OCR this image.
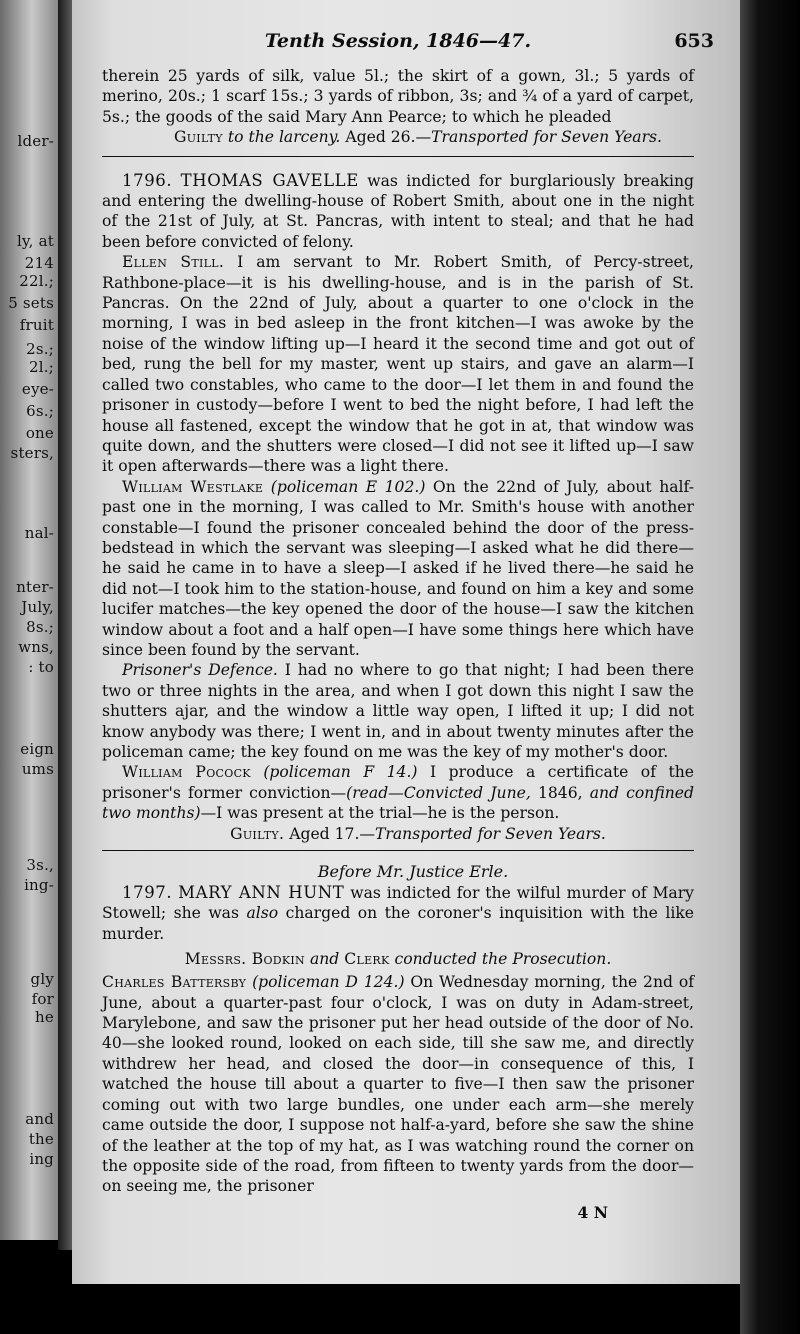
lder-
ly, at
214
22l.;
5 sets
fruit
2s.;
2l.;
eye-
6s.;
one
sters,
nal-
nter-
July,
8s.;
wns,
: to
eign
ums
3s.,
ing-
gly
for
he
and
the
ing
Tenth Session, 1846—47.	653

therein 25 yards of silk, value 5l.; the skirt of a gown, 3l.; 5 yards of merino, 20s.; 1 scarf 15s.; 3 yards of ribbon, 3s; and ¾ of a yard of carpet, 5s.; the goods of the said Mary Ann Pearce; to which he pleaded

Guilty to the larceny. Aged 26.—Transported for Seven Years.

1796. THOMAS GAVELLE was indicted for burglariously breaking and entering the dwelling-house of Robert Smith, about one in the night of the 21st of July, at St. Pancras, with intent to steal; and that he had been before convicted of felony.

Ellen Still. I am servant to Mr. Robert Smith, of Percy-street, Rathbone-place—it is his dwelling-house, and is in the parish of St. Pancras. On the 22nd of July, about a quarter to one o'clock in the morning, I was in bed asleep in the front kitchen—I was awoke by the noise of the window lifting up—I heard it the second time and got out of bed, rung the bell for my master, went up stairs, and gave an alarm—I called two constables, who came to the door—I let them in and found the prisoner in custody—before I went to bed the night before, I had left the house all fastened, except the window that he got in at, that window was quite down, and the shutters were closed—I did not see it lifted up—I saw it open afterwards—there was a light there.

William Westlake (policeman E 102.) On the 22nd of July, about half-past one in the morning, I was called to Mr. Smith's house with another constable—I found the prisoner concealed behind the door of the press-bedstead in which the servant was sleeping—I asked what he did there—he said he came in to have a sleep—I asked if he lived there—he said he did not—I took him to the station-house, and found on him a key and some lucifer matches—the key opened the door of the house—I saw the kitchen window about a foot and a half open—I have some things here which have since been found by the servant.

Prisoner's Defence. I had no where to go that night; I had been there two or three nights in the area, and when I got down this night I saw the shutters ajar, and the window a little way open, I lifted it up; I did not know anybody was there; I went in, and in about twenty minutes after the policeman came; the key found on me was the key of my mother's door.

William Pocock (policeman F 14.) I produce a certificate of the prisoner's former conviction—(read—Convicted June, 1846, and confined two months)—I was present at the trial—he is the person.

Guilty. Aged 17.—Transported for Seven Years.

Before Mr. Justice Erle.

1797. MARY ANN HUNT was indicted for the wilful murder of Mary Stowell; she was also charged on the coroner's inquisition with the like murder.

Messrs. Bodkin and Clerk conducted the Prosecution.

Charles Battersby (policeman D 124.) On Wednesday morning, the 2nd of June, about a quarter-past four o'clock, I was on duty in Adam-street, Marylebone, and saw the prisoner put her head outside of the door of No. 40—she looked round, looked on each side, till she saw me, and directly withdrew her head, and closed the door—in consequence of this, I watched the house till about a quarter to five—I then saw the prisoner coming out with two large bundles, one under each arm—she merely came outside the door, I suppose not half-a-yard, before she saw the shine of the leather at the top of my hat, as I was watching round the corner on the opposite side of the road, from fifteen to twenty yards from the door—on seeing me, the prisoner

4 N
